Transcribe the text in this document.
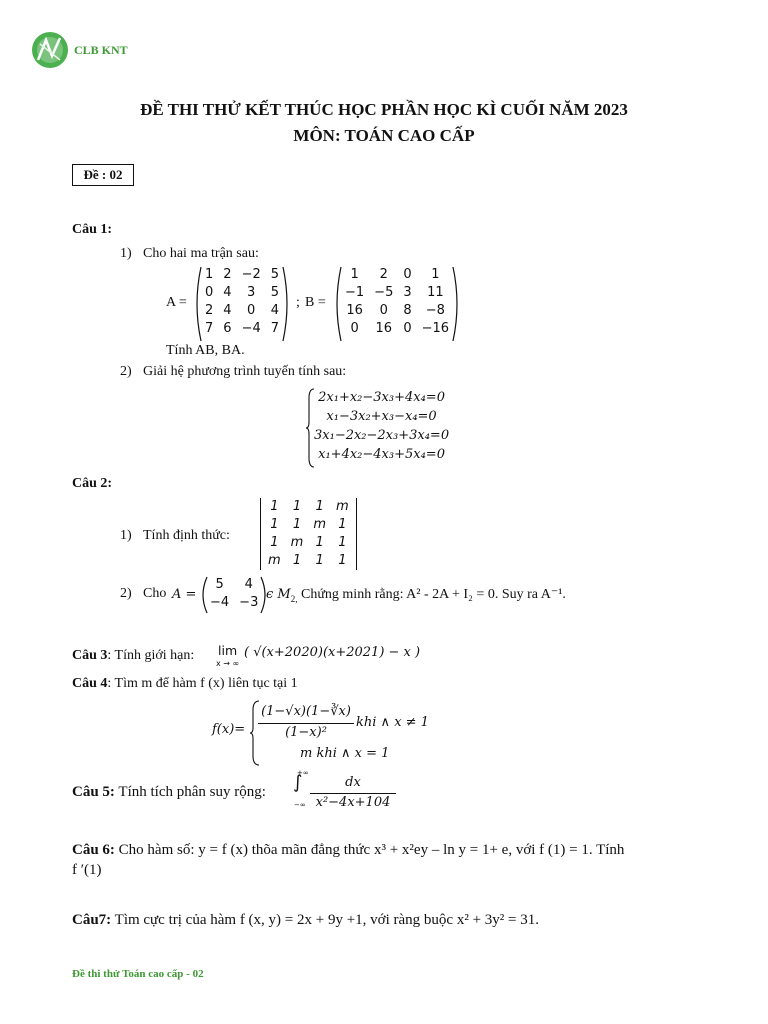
CLB KNT
ĐỀ THI THỬ KẾT THÚC HỌC PHẦN HỌC KÌ CUỐI NĂM 2023
MÔN: TOÁN CAO CẤP
Đề : 02
Câu 1:
1) Cho hai ma trận sau:
A =
1	2	−2	5
0	4	3	5
2	4	0	4
7	6	−4	7
; B =
1	2	0	1
−1	−5	3	11
16	0	8	−8
0	16	0	−16
Tính AB, BA.
2) Giải hệ phương trình tuyến tính sau:
2x₁+x₂−3x₃+4x₄=0
x₁−3x₂+x₃−x₄=0
3x₁−2x₂−2x₃+3x₄=0
x₁+4x₂−4x₃+5x₄=0
Câu 2:
1) Tính định thức:
1	1	1	m
1	1	m	1
1	m	1	1
m	1	1	1
2) Cho A =
5	4
−4	−3
ϵ $M_{2,}$ Chứng minh rằng: A² - 2A + I₂ = 0. Suy ra A⁻¹.
Câu 3: Tính giới hạn: lim
x → ∞
( √(x+2020)(x+2021) − x )
Câu 4: Tìm m để hàm f (x) liên tục tại 1
f(x)=
(1−√x)(1−∛x)
(1−x)²
khi ∧ x ≠ 1
m khi ∧ x = 1
Câu 5: Tính tích phân suy rộng: ∫
+∞
−∞
dx
x²−4x+104
Câu 6: Cho hàm số: y = f (x) thõa mãn đẳng thức x³ + x²ey – ln y = 1+ e, với f (1) = 1. Tính
f ′(1)
Câu7: Tìm cực trị của hàm f (x, y) = 2x + 9y +1, với ràng buộc x² + 3y² = 31.
Đề thi thử Toán cao cấp - 02
